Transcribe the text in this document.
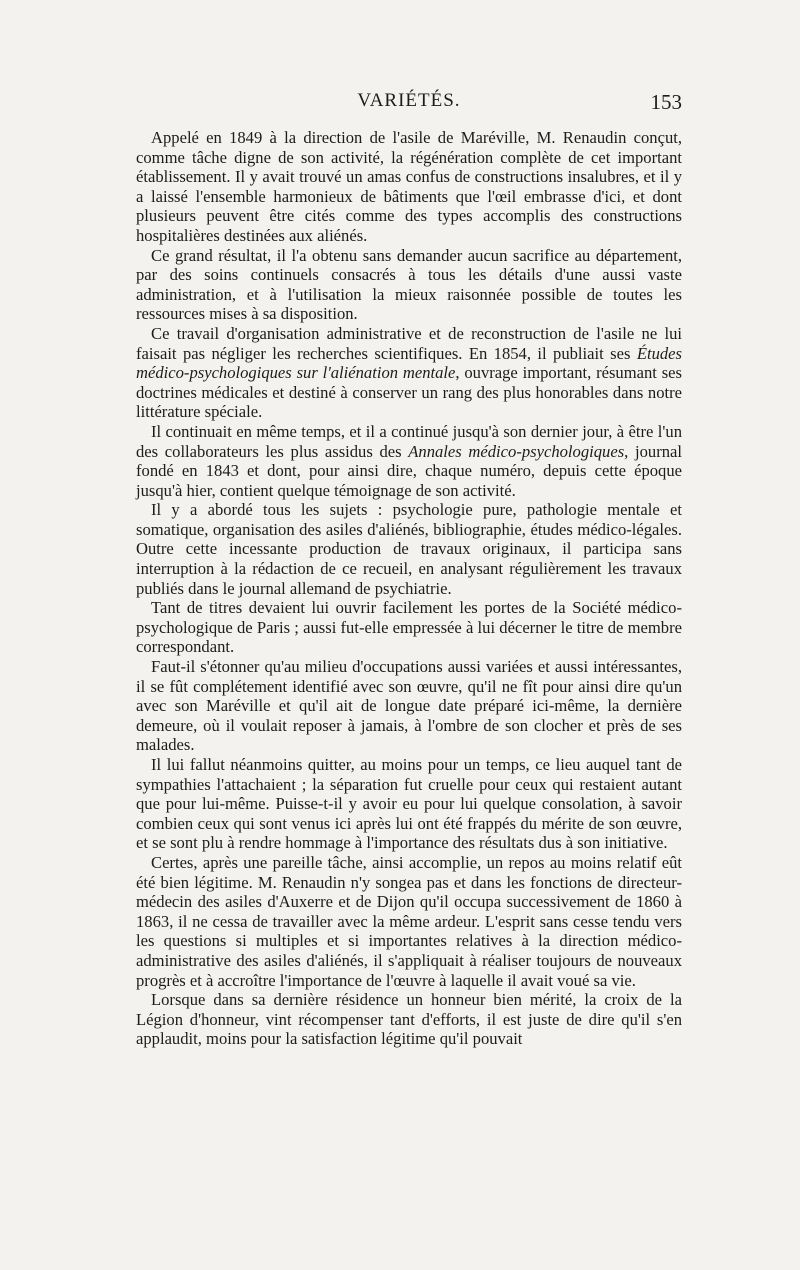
VARIÉTÉS.	153

Appelé en 1849 à la direction de l'asile de Maréville, M. Renaudin conçut, comme tâche digne de son activité, la régénération complète de cet important établissement. Il y avait trouvé un amas confus de constructions insalubres, et il y a laissé l'ensemble harmonieux de bâtiments que l'œil embrasse d'ici, et dont plusieurs peuvent être cités comme des types accomplis des constructions hospitalières destinées aux aliénés.

Ce grand résultat, il l'a obtenu sans demander aucun sacrifice au département, par des soins continuels consacrés à tous les détails d'une aussi vaste administration, et à l'utilisation la mieux raisonnée possible de toutes les ressources mises à sa disposition.

Ce travail d'organisation administrative et de reconstruction de l'asile ne lui faisait pas négliger les recherches scientifiques. En 1854, il publiait ses Études médico-psychologiques sur l'aliénation mentale, ouvrage important, résumant ses doctrines médicales et destiné à conserver un rang des plus honorables dans notre littérature spéciale.

Il continuait en même temps, et il a continué jusqu'à son dernier jour, à être l'un des collaborateurs les plus assidus des Annales médico-psychologiques, journal fondé en 1843 et dont, pour ainsi dire, chaque numéro, depuis cette époque jusqu'à hier, contient quelque témoignage de son activité.

Il y a abordé tous les sujets : psychologie pure, pathologie mentale et somatique, organisation des asiles d'aliénés, bibliographie, études médico-légales. Outre cette incessante production de travaux originaux, il participa sans interruption à la rédaction de ce recueil, en analysant régulièrement les travaux publiés dans le journal allemand de psychiatrie.

Tant de titres devaient lui ouvrir facilement les portes de la Société médico-psychologique de Paris ; aussi fut-elle empressée à lui décerner le titre de membre correspondant.

Faut-il s'étonner qu'au milieu d'occupations aussi variées et aussi intéressantes, il se fût complétement identifié avec son œuvre, qu'il ne fît pour ainsi dire qu'un avec son Maréville et qu'il ait de longue date préparé ici-même, la dernière demeure, où il voulait reposer à jamais, à l'ombre de son clocher et près de ses malades.

Il lui fallut néanmoins quitter, au moins pour un temps, ce lieu auquel tant de sympathies l'attachaient ; la séparation fut cruelle pour ceux qui restaient autant que pour lui-même. Puisse-t-il y avoir eu pour lui quelque consolation, à savoir combien ceux qui sont venus ici après lui ont été frappés du mérite de son œuvre, et se sont plu à rendre hommage à l'importance des résultats dus à son initiative.

Certes, après une pareille tâche, ainsi accomplie, un repos au moins relatif eût été bien légitime. M. Renaudin n'y songea pas et dans les fonctions de directeur-médecin des asiles d'Auxerre et de Dijon qu'il occupa successivement de 1860 à 1863, il ne cessa de travailler avec la même ardeur. L'esprit sans cesse tendu vers les questions si multiples et si importantes relatives à la direction médico-administrative des asiles d'aliénés, il s'appliquait à réaliser toujours de nouveaux progrès et à accroître l'importance de l'œuvre à laquelle il avait voué sa vie.

Lorsque dans sa dernière résidence un honneur bien mérité, la croix de la Légion d'honneur, vint récompenser tant d'efforts, il est juste de dire qu'il s'en applaudit, moins pour la satisfaction légitime qu'il pouvait
